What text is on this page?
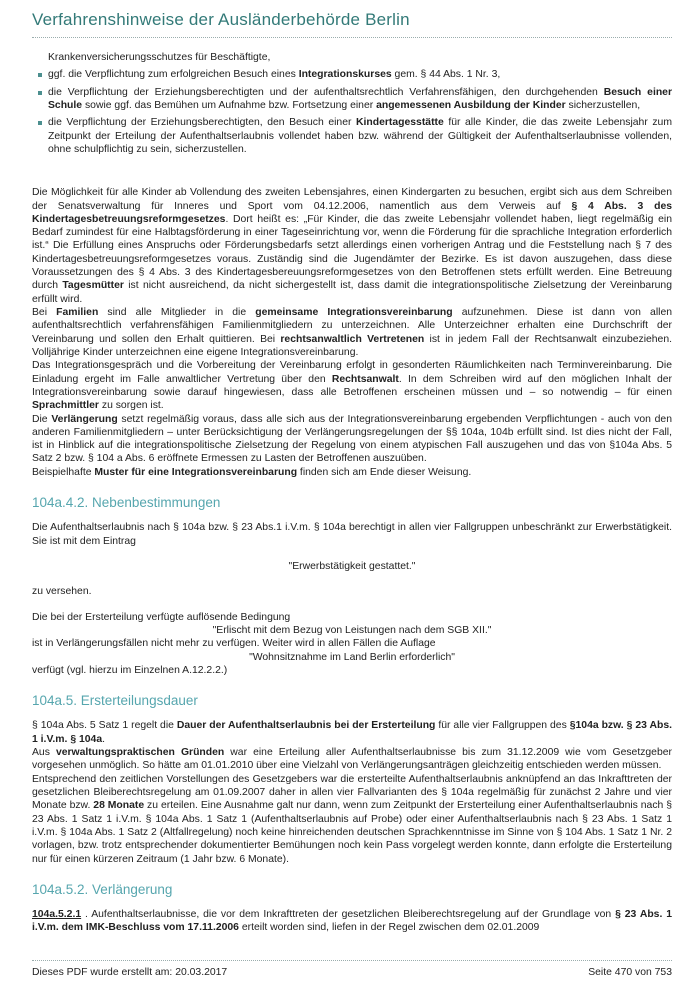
Verfahrenshinweise der Ausländerbehörde Berlin
Krankenversicherungsschutzes für Beschäftigte,
ggf. die Verpflichtung zum erfolgreichen Besuch eines Integrationskurses gem. § 44 Abs. 1 Nr. 3,
die Verpflichtung der Erziehungsberechtigten und der aufenthaltsrechtlich Verfahrensfähigen, den durchgehenden Besuch einer Schule sowie ggf. das Bemühen um Aufnahme bzw. Fortsetzung einer angemessenen Ausbildung der Kinder sicherzustellen,
die Verpflichtung der Erziehungsberechtigten, den Besuch einer Kindertagesstätte für alle Kinder, die das zweite Lebensjahr zum Zeitpunkt der Erteilung der Aufenthaltserlaubnis vollendet haben bzw. während der Gültigkeit der Aufenthaltserlaubnisse vollenden, ohne schulpflichtig zu sein, sicherzustellen.
Die Möglichkeit für alle Kinder ab Vollendung des zweiten Lebensjahres, einen Kindergarten zu besuchen, ergibt sich aus dem Schreiben der Senatsverwaltung für Inneres und Sport vom 04.12.2006, namentlich aus dem Verweis auf § 4 Abs. 3 des Kindertagesbetreuungsreformgesetzes. Dort heißt es: „Für Kinder, die das zweite Lebensjahr vollendet haben, liegt regelmäßig ein Bedarf zumindest für eine Halbtagsförderung in einer Tageseinrichtung vor, wenn die Förderung für die sprachliche Integration erforderlich ist.“ Die Erfüllung eines Anspruchs oder Förderungsbedarfs setzt allerdings einen vorherigen Antrag und die Feststellung nach § 7 des Kindertagesbetreuungsreformgesetzes voraus. Zuständig sind die Jugendämter der Bezirke. Es ist davon auszugehen, dass diese Voraussetzungen des § 4 Abs. 3 des Kindertagesbereuungsreformgesetzes von den Betroffenen stets erfüllt werden. Eine Betreuung durch Tagesmütter ist nicht ausreichend, da nicht sichergestellt ist, dass damit die integrationspolitische Zielsetzung der Vereinbarung erfüllt wird.
Bei Familien sind alle Mitglieder in die gemeinsame Integrationsvereinbarung aufzunehmen. Diese ist dann von allen aufenthaltsrechtlich verfahrensfähigen Familienmitgliedern zu unterzeichnen. Alle Unterzeichner erhalten eine Durchschrift der Vereinbarung und sollen den Erhalt quittieren. Bei rechtsanwaltlich Vertretenen ist in jedem Fall der Rechtsanwalt einzubeziehen. Volljährige Kinder unterzeichnen eine eigene Integrationsvereinbarung.
Das Integrationsgespräch und die Vorbereitung der Vereinbarung erfolgt in gesonderten Räumlichkeiten nach Terminvereinbarung. Die Einladung ergeht im Falle anwaltlicher Vertretung über den Rechtsanwalt. In dem Schreiben wird auf den möglichen Inhalt der Integrationsvereinbarung sowie darauf hingewiesen, dass alle Betroffenen erscheinen müssen und – so notwendig – für einen Sprachmittler zu sorgen ist.
Die Verlängerung setzt regelmäßig voraus, dass alle sich aus der Integrationsvereinbarung ergebenden Verpflichtungen - auch von den anderen Familienmitgliedern – unter Berücksichtigung der Verlängerungsregelungen der §§ 104a, 104b erfüllt sind. Ist dies nicht der Fall, ist in Hinblick auf die integrationspolitische Zielsetzung der Regelung von einem atypischen Fall auszugehen und das von §104a Abs. 5 Satz 2 bzw. § 104 a Abs. 6 eröffnete Ermessen zu Lasten der Betroffenen auszuüben.
Beispielhafte Muster für eine Integrationsvereinbarung finden sich am Ende dieser Weisung.
104a.4.2. Nebenbestimmungen
Die Aufenthaltserlaubnis nach § 104a bzw. § 23 Abs.1 i.V.m. § 104a berechtigt in allen vier Fallgruppen unbeschränkt zur Erwerbstätigkeit. Sie ist mit dem Eintrag
"Erwerbstätigkeit gestattet."
zu versehen.
Die bei der Ersterteilung verfügte auflösende Bedingung
"Erlischt mit dem Bezug von Leistungen nach dem SGB XII."
ist in Verlängerungsfällen nicht mehr zu verfügen. Weiter wird in allen Fällen die Auflage
"Wohnsitznahme im Land Berlin erforderlich"
verfügt (vgl. hierzu im Einzelnen A.12.2.2.)
104a.5. Ersterteilungsdauer
§ 104a Abs. 5 Satz 1 regelt die Dauer der Aufenthaltserlaubnis bei der Ersterteilung für alle vier Fallgruppen des §104a bzw. § 23 Abs. 1 i.V.m. § 104a.
Aus verwaltungspraktischen Gründen war eine Erteilung aller Aufenthaltserlaubnisse bis zum 31.12.2009 wie vom Gesetzgeber vorgesehen unmöglich. So hätte am 01.01.2010 über eine Vielzahl von Verlängerungsanträgen gleichzeitig entschieden werden müssen.
Entsprechend den zeitlichen Vorstellungen des Gesetzgebers war die ersterteilte Aufenthaltserlaubnis anknüpfend an das Inkrafttreten der gesetzlichen Bleiberechtsregelung am 01.09.2007 daher in allen vier Fallvarianten des § 104a regelmäßig für zunächst 2 Jahre und vier Monate bzw. 28 Monate zu erteilen. Eine Ausnahme galt nur dann, wenn zum Zeitpunkt der Ersterteilung einer Aufenthaltserlaubnis nach § 23 Abs. 1 Satz 1 i.V.m. § 104a Abs. 1 Satz 1 (Aufenthaltserlaubnis auf Probe) oder einer Aufenthaltserlaubnis nach § 23 Abs. 1 Satz 1 i.V.m. § 104a Abs. 1 Satz 2 (Altfallregelung) noch keine hinreichenden deutschen Sprachkenntnisse im Sinne von § 104 Abs. 1 Satz 1 Nr. 2 vorlagen, bzw. trotz entsprechender dokumentierter Bemühungen noch kein Pass vorgelegt werden konnte, dann erfolgte die Ersterteilung nur für einen kürzeren Zeitraum (1 Jahr bzw. 6 Monate).
104a.5.2. Verlängerung
104a.5.2.1 . Aufenthaltserlaubnisse, die vor dem Inkrafttreten der gesetzlichen Bleiberechtsregelung auf der Grundlage von § 23 Abs. 1 i.V.m. dem IMK-Beschluss vom 17.11.2006 erteilt worden sind, liefen in der Regel zwischen dem 02.01.2009
Dieses PDF wurde erstellt am: 20.03.2017	Seite 470 von 753
